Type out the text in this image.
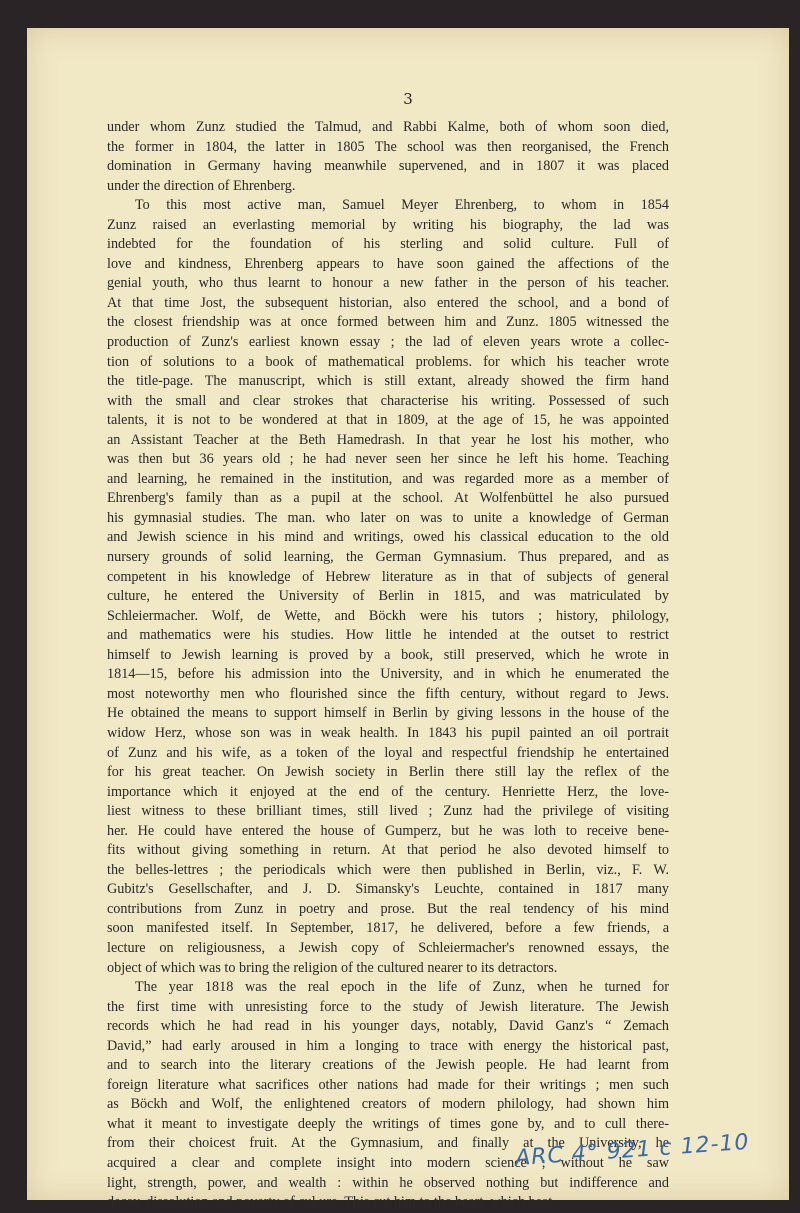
3
under whom Zunz studied the Talmud, and Rabbi Kalme, both of whom soon died,
the former in 1804, the latter in 1805 The school was then reorganised, the French
domination in Germany having meanwhile supervened, and in 1807 it was placed
under the direction of Ehrenberg.
To this most active man, Samuel Meyer Ehrenberg, to whom in 1854
Zunz raised an everlasting memorial by writing his biography, the lad was
indebted for the foundation of his sterling and solid culture. Full of
love and kindness, Ehrenberg appears to have soon gained the affections of the
genial youth, who thus learnt to honour a new father in the person of his teacher.
At that time Jost, the subsequent historian, also entered the school, and a bond of
the closest friendship was at once formed between him and Zunz. 1805 witnessed the
production of Zunz's earliest known essay ; the lad of eleven years wrote a collec-
tion of solutions to a book of mathematical problems. for which his teacher wrote
the title-page. The manuscript, which is still extant, already showed the firm hand
with the small and clear strokes that characterise his writing. Possessed of such
talents, it is not to be wondered at that in 1809, at the age of 15, he was appointed
an Assistant Teacher at the Beth Hamedrash. In that year he lost his mother, who
was then but 36 years old ; he had never seen her since he left his home. Teaching
and learning, he remained in the institution, and was regarded more as a member of
Ehrenberg's family than as a pupil at the school. At Wolfenbüttel he also pursued
his gymnasial studies. The man. who later on was to unite a knowledge of German
and Jewish science in his mind and writings, owed his classical education to the old
nursery grounds of solid learning, the German Gymnasium. Thus prepared, and as
competent in his knowledge of Hebrew literature as in that of subjects of general
culture, he entered the University of Berlin in 1815, and was matriculated by
Schleiermacher. Wolf, de Wette, and Böckh were his tutors ; history, philology,
and mathematics were his studies. How little he intended at the outset to restrict
himself to Jewish learning is proved by a book, still preserved, which he wrote in
1814—15, before his admission into the University, and in which he enumerated the
most noteworthy men who flourished since the fifth century, without regard to Jews.
He obtained the means to support himself in Berlin by giving lessons in the house of the
widow Herz, whose son was in weak health. In 1843 his pupil painted an oil portrait
of Zunz and his wife, as a token of the loyal and respectful friendship he entertained
for his great teacher. On Jewish society in Berlin there still lay the reflex of the
importance which it enjoyed at the end of the century. Henriette Herz, the love-
liest witness to these brilliant times, still lived ; Zunz had the privilege of visiting
her. He could have entered the house of Gumperz, but he was loth to receive bene-
fits without giving something in return. At that period he also devoted himself to
the belles-lettres ; the periodicals which were then published in Berlin, viz., F. W.
Gubitz's Gesellschafter, and J. D. Simansky's Leuchte, contained in 1817 many
contributions from Zunz in poetry and prose. But the real tendency of his mind
soon manifested itself. In September, 1817, he delivered, before a few friends, a
lecture on religiousness, a Jewish copy of Schleiermacher's renowned essays, the
object of which was to bring the religion of the cultured nearer to its detractors.
The year 1818 was the real epoch in the life of Zunz, when he turned for
the first time with unresisting force to the study of Jewish literature. The Jewish
records which he had read in his younger days, notably, David Ganz's “ Zemach
David,” had early aroused in him a longing to trace with energy the historical past,
and to search into the literary creations of the Jewish people. He had learnt from
foreign literature what sacrifices other nations had made for their writings ; men such
as Böckh and Wolf, the enlightened creators of modern philology, had shown him
what it meant to investigate deeply the writings of times gone by, and to cull there-
from their choicest fruit. At the Gymnasium, and finally at the University, he
acquired a clear and complete insight into modern science ; without he saw
light, strength, power, and wealth : within he observed nothing but indifference and
decay, dissolution and poverty of cul ure. This cut him to the heart, which beat
ARC 4° 921 c 12-10
